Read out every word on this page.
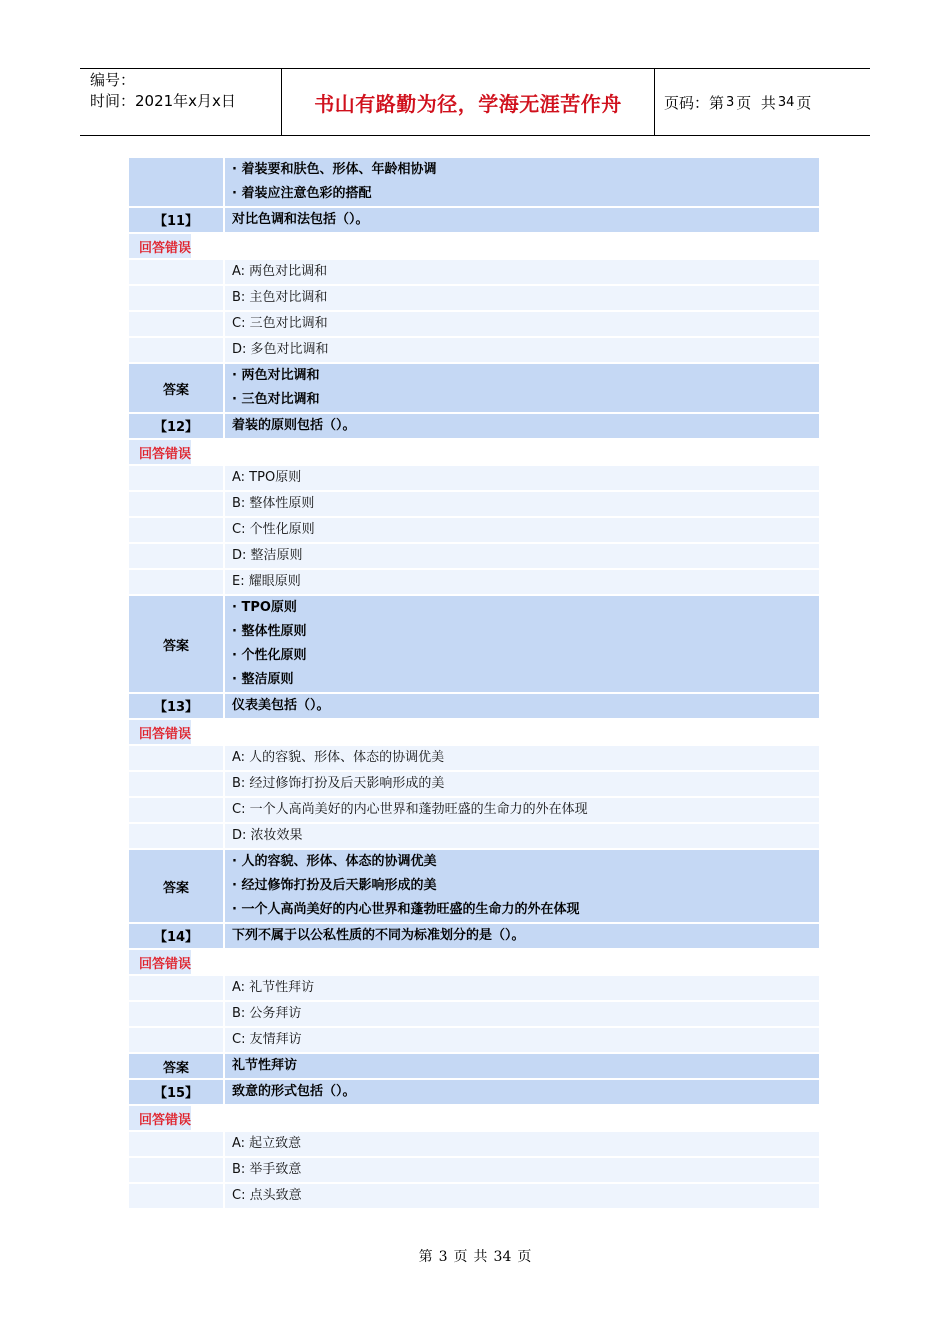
编号：
时间：2021年x月x日	书山有路勤为径，学海无涯苦作舟	页码：第 3 页  共 34 页
· 着装要和肤色、形体、年龄相协调
· 着装应注意色彩的搭配
【11】	对比色调和法包括（）。
回答错误
A: 两色对比调和
B: 主色对比调和
C: 三色对比调和
D: 多色对比调和
答案
· 两色对比调和
· 三色对比调和
【12】	着装的原则包括（）。
回答错误
A: TPO原则
B: 整体性原则
C: 个性化原则
D: 整洁原则
E: 耀眼原则
答案
· TPO原则
· 整体性原则
· 个性化原则
· 整洁原则
【13】	仪表美包括（）。
回答错误
A: 人的容貌、形体、体态的协调优美
B: 经过修饰打扮及后天影响形成的美
C: 一个人高尚美好的内心世界和蓬勃旺盛的生命力的外在体现
D: 浓妆效果
答案
· 人的容貌、形体、体态的协调优美
· 经过修饰打扮及后天影响形成的美
· 一个人高尚美好的内心世界和蓬勃旺盛的生命力的外在体现
【14】	下列不属于以公私性质的不同为标准划分的是（）。
回答错误
A: 礼节性拜访
B: 公务拜访
C: 友情拜访
答案	礼节性拜访
【15】	致意的形式包括（）。
回答错误
A: 起立致意
B: 举手致意
C: 点头致意
第 3 页 共 34 页
